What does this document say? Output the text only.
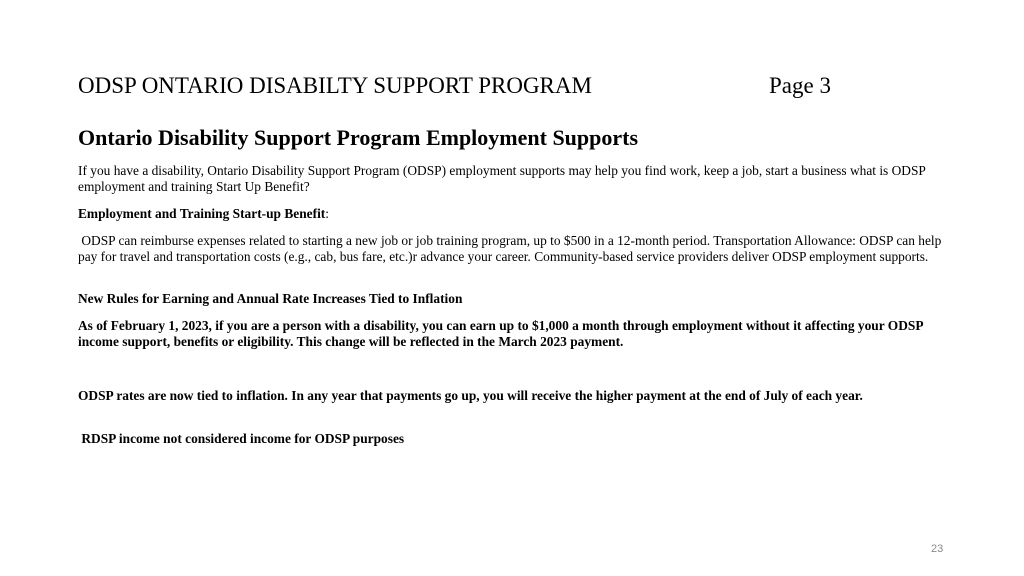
ODSP ONTARIO DISABILTY SUPPORT PROGRAM	Page 3
Ontario Disability Support Program Employment Supports
If you have a disability, Ontario Disability Support Program (ODSP) employment supports may help you find work, keep a job, start a business what is ODSP employment and training Start Up Benefit?
Employment and Training Start-up Benefit:
ODSP can reimburse expenses related to starting a new job or job training program, up to $500 in a 12-month period. Transportation Allowance: ODSP can help pay for travel and transportation costs (e.g., cab, bus fare, etc.)r advance your career. Community-based service providers deliver ODSP employment supports.
New Rules for Earning and Annual Rate Increases Tied to Inflation
As of February 1, 2023, if you are a person with a disability, you can earn up to $1,000 a month through employment without it affecting your ODSP income support, benefits or eligibility. This change will be reflected in the March 2023 payment.
ODSP rates are now tied to inflation. In any year that payments go up, you will receive the higher payment at the end of July of each year.
RDSP income not considered income for ODSP purposes
23
